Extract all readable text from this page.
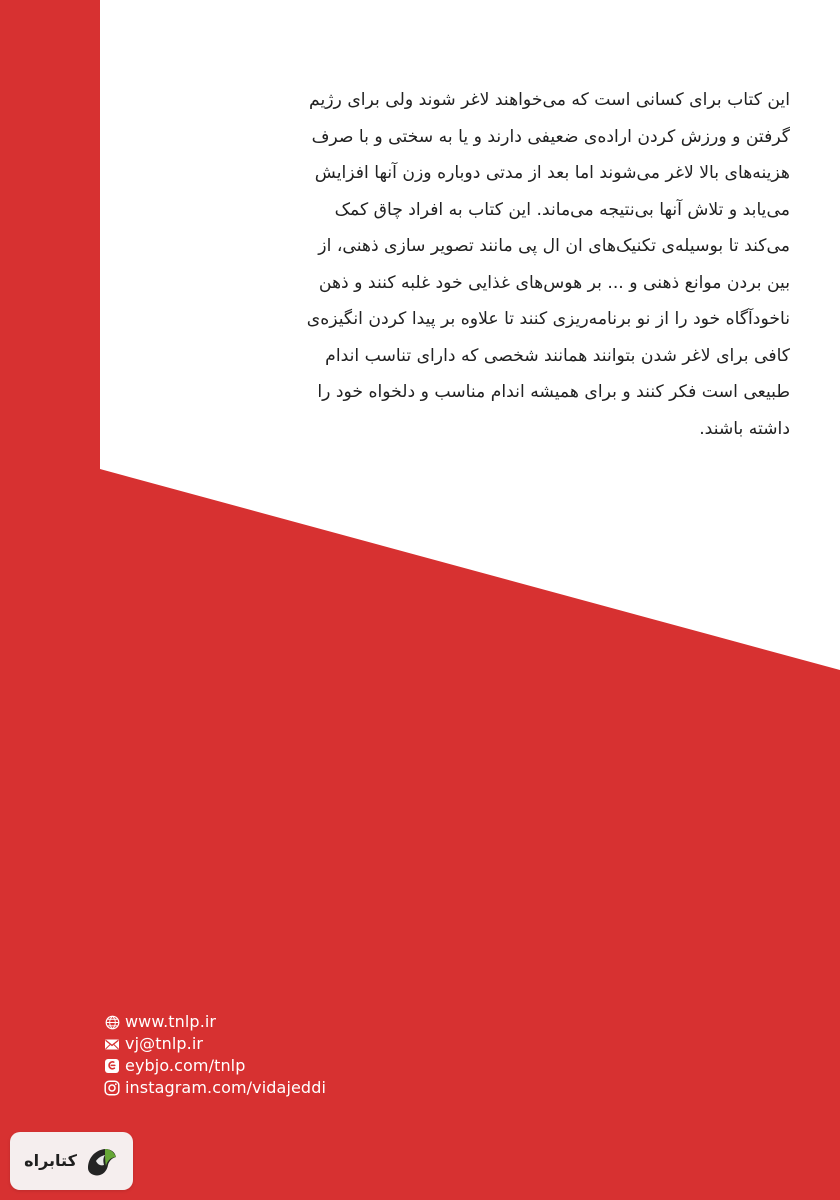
این کتاب برای کسانی است که می‌خواهند لاغر شوند ولی برای رژیم
گرفتن و ورزش کردن اراده‌ی ضعیفی دارند و یا به سختی و با صرف
هزینه‌های بالا لاغر می‌شوند اما بعد از مدتی دوباره وزن آنها افزایش
می‌یابد و تلاش آنها بی‌نتیجه می‌ماند. این کتاب به افراد چاق کمک
می‌کند تا بوسیله‌ی تکنیک‌های ان ال پی مانند تصویر سازی ذهنی، از
بین بردن موانع ذهنی و ... بر هوس‌های غذایی خود غلبه کنند و ذهن
ناخودآگاه خود را از نو برنامه‌ریزی کنند تا علاوه بر پیدا کردن انگیزه‌ی
کافی برای لاغر شدن بتوانند همانند شخصی که دارای تناسب اندام
طبیعی است فکر کنند و برای همیشه اندام مناسب و دلخواه خود را
داشته باشند.
www.tnlp.ir
vj@tnlp.ir
eybjo.com/tnlp
instagram.com/vidajeddi
کتابراه
